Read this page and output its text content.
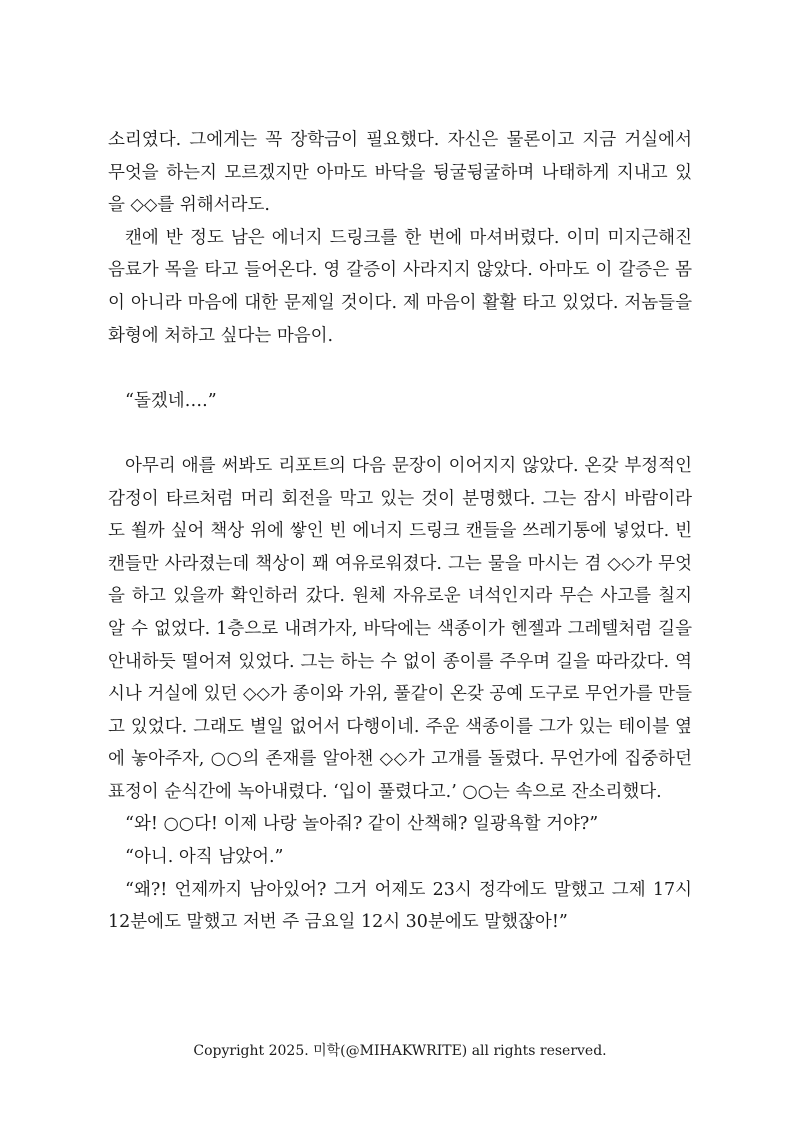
소리였다. 그에게는 꼭 장학금이 필요했다. 자신은 물론이고 지금 거실에서 무엇을 하는지 모르겠지만 아마도 바닥을 뒹굴뒹굴하며 나태하게 지내고 있을 ◇◇를 위해서라도.

캔에 반 정도 남은 에너지 드링크를 한 번에 마셔버렸다. 이미 미지근해진 음료가 목을 타고 들어온다. 영 갈증이 사라지지 않았다. 아마도 이 갈증은 몸이 아니라 마음에 대한 문제일 것이다. 제 마음이 활활 타고 있었다. 저놈들을 화형에 처하고 싶다는 마음이.

“돌겠네….”

아무리 애를 써봐도 리포트의 다음 문장이 이어지지 않았다. 온갖 부정적인 감정이 타르처럼 머리 회전을 막고 있는 것이 분명했다. 그는 잠시 바람이라도 쐴까 싶어 책상 위에 쌓인 빈 에너지 드링크 캔들을 쓰레기통에 넣었다. 빈 캔들만 사라졌는데 책상이 꽤 여유로워졌다. 그는 물을 마시는 겸 ◇◇가 무엇을 하고 있을까 확인하러 갔다. 원체 자유로운 녀석인지라 무슨 사고를 칠지 알 수 없었다. 1층으로 내려가자, 바닥에는 색종이가 헨젤과 그레텔처럼 길을 안내하듯 떨어져 있었다. 그는 하는 수 없이 종이를 주우며 길을 따라갔다. 역시나 거실에 있던 ◇◇가 종이와 가위, 풀같이 온갖 공예 도구로 무언가를 만들고 있었다. 그래도 별일 없어서 다행이네. 주운 색종이를 그가 있는 테이블 옆에 놓아주자, ○○의 존재를 알아챈 ◇◇가 고개를 돌렸다. 무언가에 집중하던 표정이 순식간에 녹아내렸다. ‘입이 풀렸다고.’ ○○는 속으로 잔소리했다.

“와! ○○다! 이제 나랑 놀아줘? 같이 산책해? 일광욕할 거야?”

“아니. 아직 남았어.”

“왜?! 언제까지 남아있어? 그거 어제도 23시 정각에도 말했고 그제 17시 12분에도 말했고 저번 주 금요일 12시 30분에도 말했잖아!”

Copyright 2025. 미학(@MIHAKWRITE) all rights reserved.
